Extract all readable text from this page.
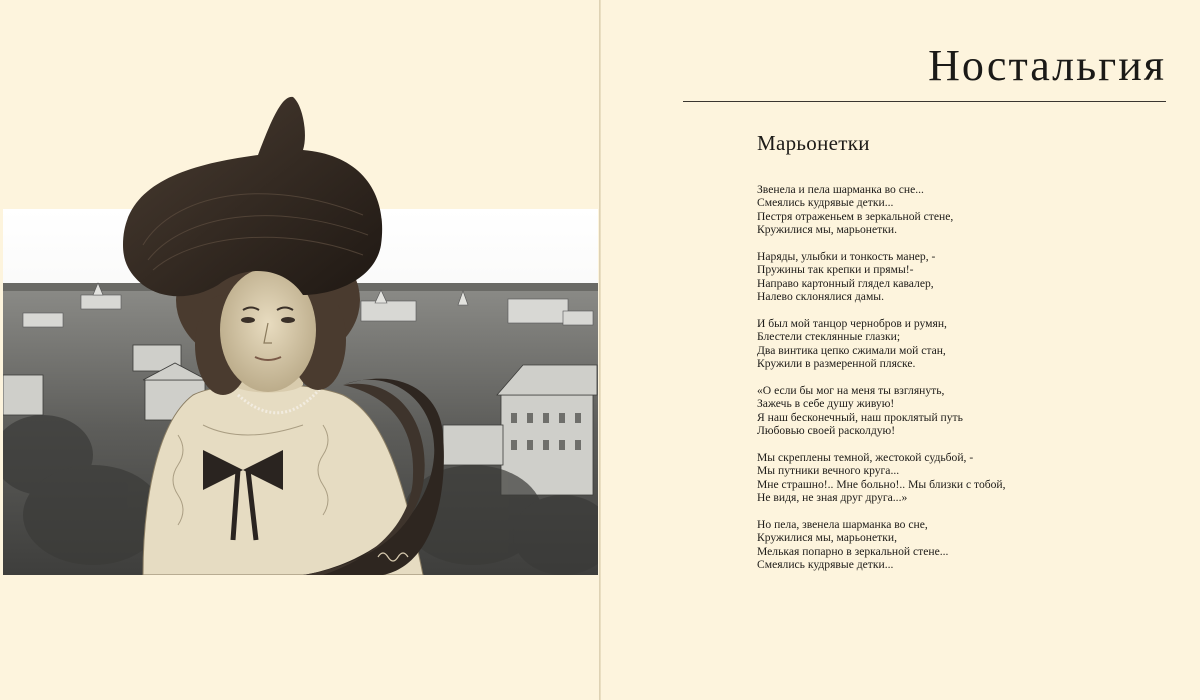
Ностальгия
Марьонетки
Звенела и пела шарманка во сне...
Смеялись кудрявые детки...
Пестря отраженьем в зеркальной стене,
Кружилися мы, марьонетки.
Наряды, улыбки и тонкость манер, -
Пружины так крепки и прямы!-
Направо картонный глядел кавалер,
Налево склонялися дамы.
И был мой танцор чернобров и румян,
Блестели стеклянные глазки;
Два винтика цепко сжимали мой стан,
Кружили в размеренной пляске.
«О если бы мог на меня ты взглянуть,
Зажечь в себе душу живую!
Я наш бесконечный, наш проклятый путь
Любовью своей расколдую!
Мы скреплены темной, жестокой судьбой, -
Мы путники вечного круга...
Мне страшно!.. Мне больно!.. Мы близки с тобой,
Не видя, не зная друг друга...»
Но пела, звенела шарманка во сне,
Кружилися мы, марьонетки,
Мелькая попарно в зеркальной стене...
Смеялись кудрявые детки...
